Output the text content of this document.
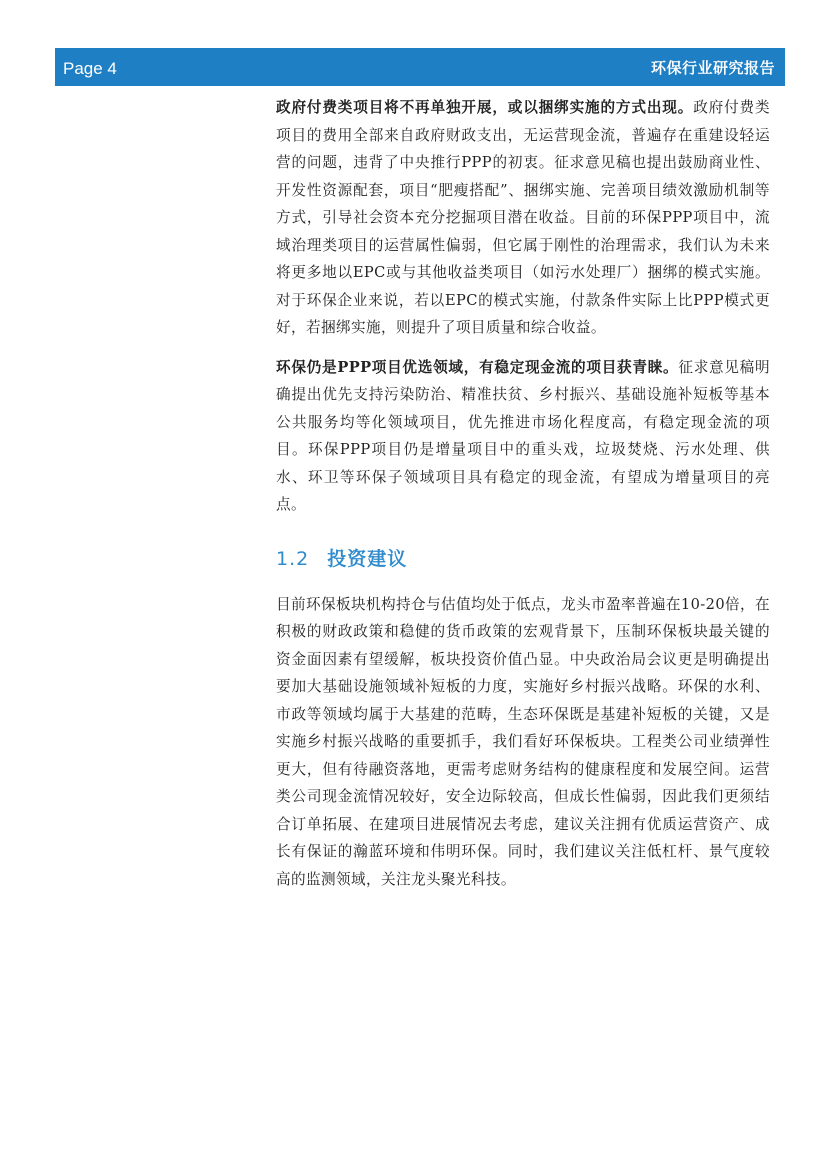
Page 4	环保行业研究报告

政府付费类项目将不再单独开展，或以捆绑实施的方式出现。政府付费类项目的费用全部来自政府财政支出，无运营现金流，普遍存在重建设轻运营的问题，违背了中央推行PPP的初衷。征求意见稿也提出鼓励商业性、开发性资源配套，项目“肥瘦搭配”、捆绑实施、完善项目绩效激励机制等方式，引导社会资本充分挖掘项目潜在收益。目前的环保PPP项目中，流域治理类项目的运营属性偏弱，但它属于刚性的治理需求，我们认为未来将更多地以EPC或与其他收益类项目（如污水处理厂）捆绑的模式实施。对于环保企业来说，若以EPC的模式实施，付款条件实际上比PPP模式更好，若捆绑实施，则提升了项目质量和综合收益。

环保仍是PPP项目优选领域，有稳定现金流的项目获青睐。征求意见稿明确提出优先支持污染防治、精准扶贫、乡村振兴、基础设施补短板等基本公共服务均等化领域项目，优先推进市场化程度高，有稳定现金流的项目。环保PPP项目仍是增量项目中的重头戏，垃圾焚烧、污水处理、供水、环卫等环保子领域项目具有稳定的现金流，有望成为增量项目的亮点。

1.2 投资建议

目前环保板块机构持仓与估值均处于低点，龙头市盈率普遍在10-20倍，在积极的财政政策和稳健的货币政策的宏观背景下，压制环保板块最关键的资金面因素有望缓解，板块投资价值凸显。中央政治局会议更是明确提出要加大基础设施领域补短板的力度，实施好乡村振兴战略。环保的水利、市政等领域均属于大基建的范畴，生态环保既是基建补短板的关键，又是实施乡村振兴战略的重要抓手，我们看好环保板块。工程类公司业绩弹性更大，但有待融资落地，更需考虑财务结构的健康程度和发展空间。运营类公司现金流情况较好，安全边际较高，但成长性偏弱，因此我们更须结合订单拓展、在建项目进展情况去考虑，建议关注拥有优质运营资产、成长有保证的瀚蓝环境和伟明环保。同时，我们建议关注低杠杆、景气度较高的监测领域，关注龙头聚光科技。
